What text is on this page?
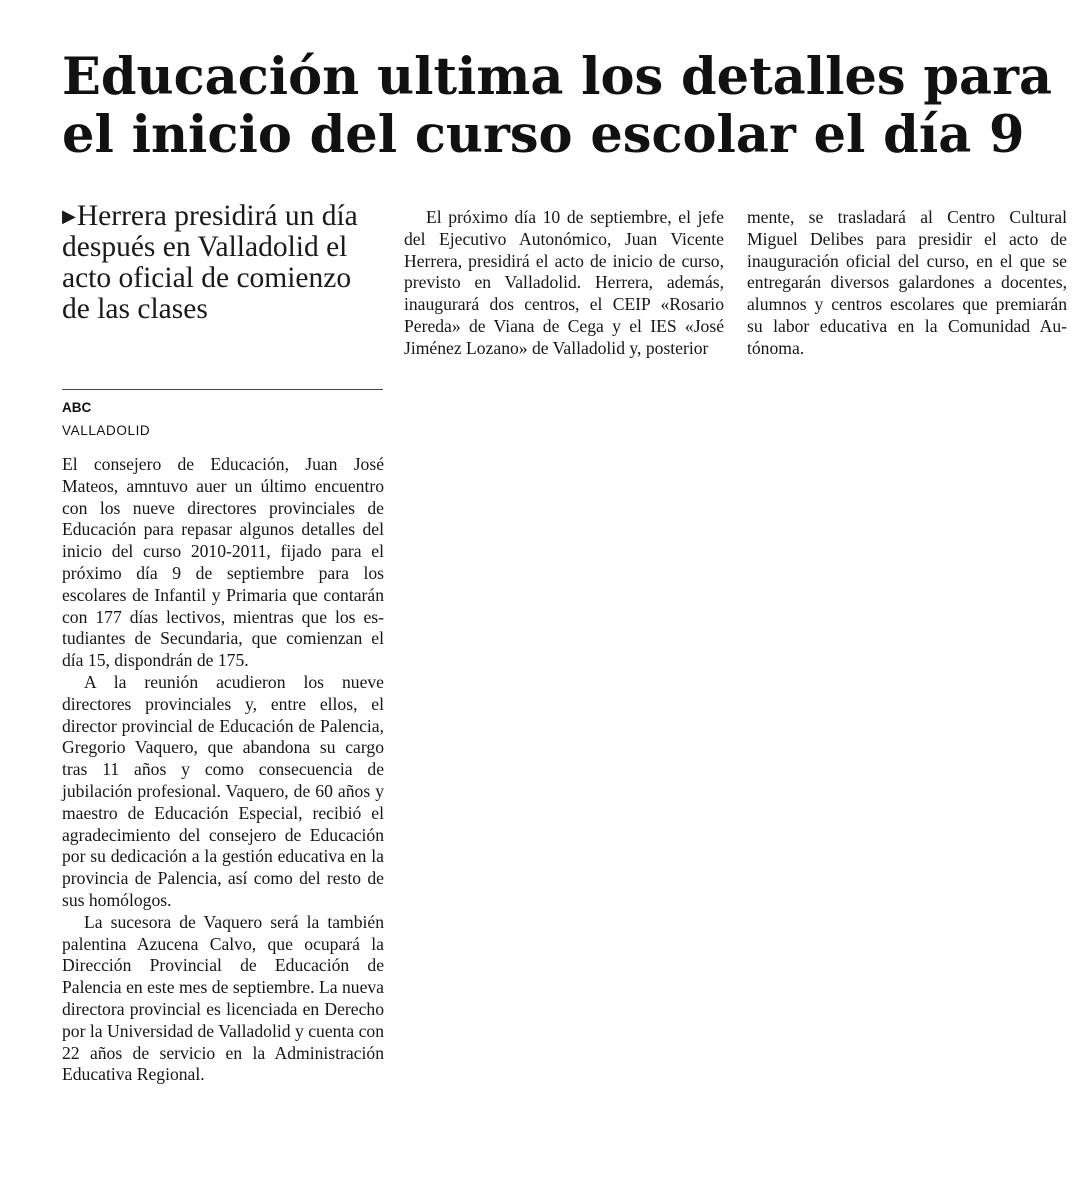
Educación ultima los detalles para el inicio del curso escolar el día 9
▶Herrera presidirá un día después en Valladolid el acto oficial de comienzo de las clases
ABC
VALLADOLID

El consejero de Educación, Juan José Mateos, amntuvo auer un último encuentro con los nueve directores provinciales de Educación para repasar algunos detalles del inicio del curso 2010-2011, fijado para el próximo día 9 de septiembre para los escolares de Infantil y Primaria que contarán con 177 días lectivos, mientras que los estudiantes de Secundaria, que comienzan el día 15, dispondrán de 175.

A la reunión acudieron los nueve directores provinciales y, entre ellos, el director provincial de Educación de Palencia, Gregorio Vaquero, que abandona su cargo tras 11 años y como consecuencia de jubilación profesional. Vaquero, de 60 años y maestro de Educación Especial, recibió el agradecimiento del consejero de Educación por su dedicación a la gestión educativa en la provincia de Palencia, así como del resto de sus homólogos.

La sucesora de Vaquero será la también palentina Azucena Calvo, que ocupará la Dirección Provincial de Educación de Palencia en este mes de septiembre. La nueva directora provincial es licenciada en Derecho por la Universidad de Valladolid y cuenta con 22 años de servicio en la Administración Educativa Regional.

El próximo día 10 de septiembre, el jefe del Ejecutivo Autonómico, Juan Vicente Herrera, presidirá el acto de inicio de curso, previsto en Valladolid. Herrera, además, inaugurará dos centros, el CEIP «Rosario Pereda» de Viana de Cega y el IES «José Jiménez Lozano» de Valladolid y, posterior

mente, se trasladará al Centro Cultural Miguel Delibes para presidir el acto de inauguración oficial del curso, en el que se entregarán diversos galardones a docentes, alumnos y centros escolares que premiarán su labor educativa en la Comunidad Autónoma.
